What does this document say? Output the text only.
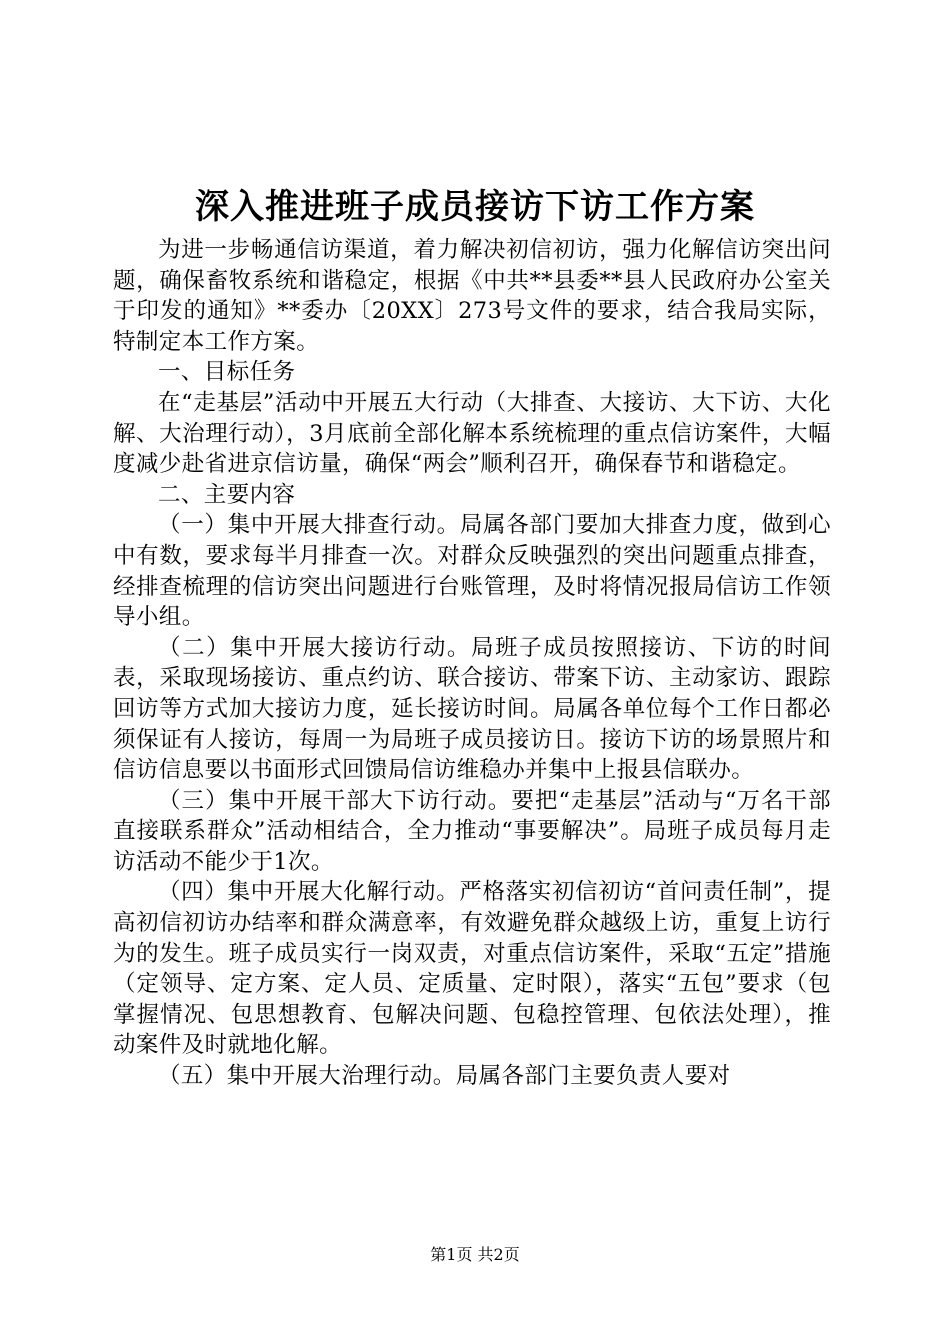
深入推进班子成员接访下访工作方案

为进一步畅通信访渠道，着力解决初信初访，强力化解信访突出问题，确保畜牧系统和谐稳定，根据《中共**县委**县人民政府办公室关于印发的通知》**委办〔20XX〕273号文件的要求，结合我局实际，特制定本工作方案。

一、目标任务

在“走基层”活动中开展五大行动（大排查、大接访、大下访、大化解、大治理行动），3月底前全部化解本系统梳理的重点信访案件，大幅度减少赴省进京信访量，确保“两会”顺利召开，确保春节和谐稳定。

二、主要内容

（一）集中开展大排查行动。局属各部门要加大排查力度，做到心中有数，要求每半月排查一次。对群众反映强烈的突出问题重点排查，经排查梳理的信访突出问题进行台账管理，及时将情况报局信访工作领导小组。

（二）集中开展大接访行动。局班子成员按照接访、下访的时间表，采取现场接访、重点约访、联合接访、带案下访、主动家访、跟踪回访等方式加大接访力度，延长接访时间。局属各单位每个工作日都必须保证有人接访，每周一为局班子成员接访日。接访下访的场景照片和信访信息要以书面形式回馈局信访维稳办并集中上报县信联办。

（三）集中开展干部大下访行动。要把“走基层”活动与“万名干部直接联系群众”活动相结合，全力推动“事要解决”。局班子成员每月走访活动不能少于1次。

（四）集中开展大化解行动。严格落实初信初访“首问责任制”，提高初信初访办结率和群众满意率，有效避免群众越级上访，重复上访行为的发生。班子成员实行一岗双责，对重点信访案件，采取“五定”措施（定领导、定方案、定人员、定质量、定时限），落实“五包”要求（包掌握情况、包思想教育、包解决问题、包稳控管理、包依法处理），推动案件及时就地化解。

（五）集中开展大治理行动。局属各部门主要负责人要对

第1页 共2页
